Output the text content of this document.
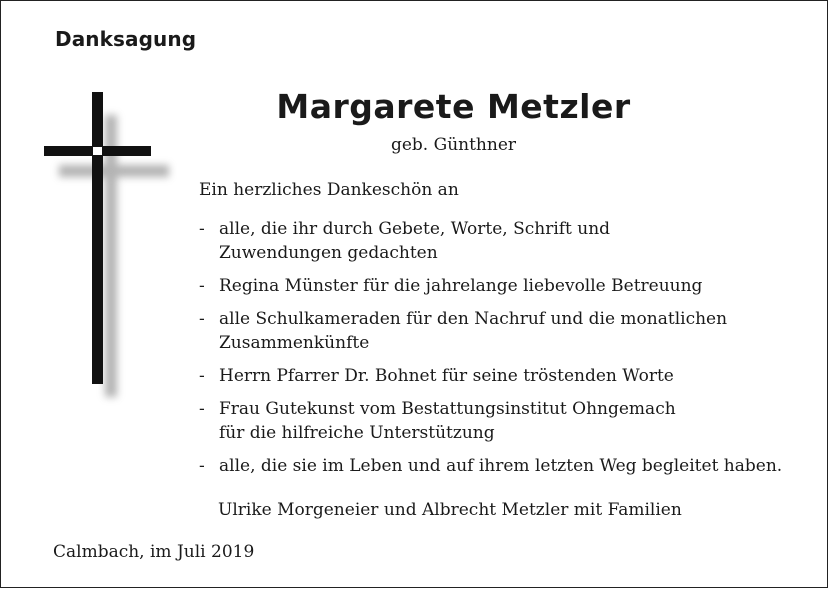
Danksagung
Margarete Metzler
geb. Günthner
Ein herzliches Dankeschön an
- alle, die ihr durch Gebete, Worte, Schrift und
Zuwendungen gedachten
- Regina Münster für die jahrelange liebevolle Betreuung
- alle Schulkameraden für den Nachruf und die monatlichen
Zusammenkünfte
- Herrn Pfarrer Dr. Bohnet für seine tröstenden Worte
- Frau Gutekunst vom Bestattungsinstitut Ohngemach
für die hilfreiche Unterstützung
- alle, die sie im Leben und auf ihrem letzten Weg begleitet haben.
Ulrike Morgeneier und Albrecht Metzler mit Familien
Calmbach, im Juli 2019
